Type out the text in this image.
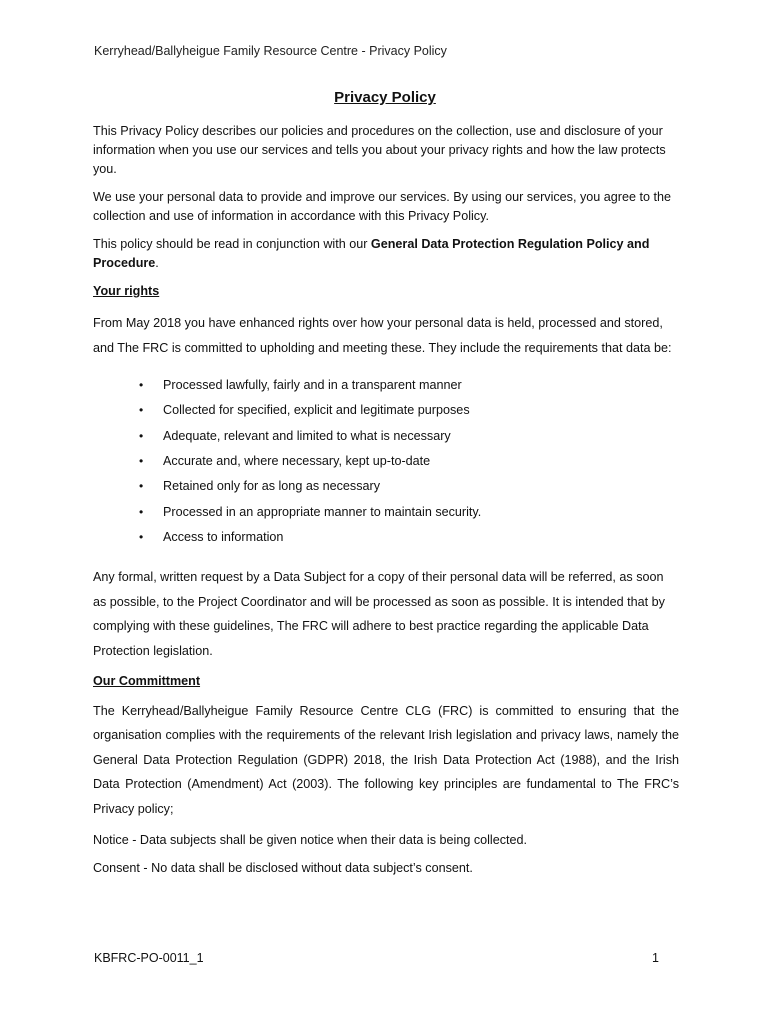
Kerryhead/Ballyheigue Family Resource Centre - Privacy Policy
Privacy Policy

This Privacy Policy describes our policies and procedures on the collection, use and disclosure of your information when you use our services and tells you about your privacy rights and how the law protects you.

We use your personal data to provide and improve our services. By using our services, you agree to the collection and use of information in accordance with this Privacy Policy.

This policy should be read in conjunction with our General Data Protection Regulation Policy and Procedure.

Your rights

From May 2018 you have enhanced rights over how your personal data is held, processed and stored, and The FRC is committed to upholding and meeting these. They include the requirements that data be:

• Processed lawfully, fairly and in a transparent manner
• Collected for specified, explicit and legitimate purposes
• Adequate, relevant and limited to what is necessary
• Accurate and, where necessary, kept up-to-date
• Retained only for as long as necessary
• Processed in an appropriate manner to maintain security.
• Access to information

Any formal, written request by a Data Subject for a copy of their personal data will be referred, as soon as possible, to the Project Coordinator and will be processed as soon as possible. It is intended that by complying with these guidelines, The FRC will adhere to best practice regarding the applicable Data Protection legislation.

Our Committment

The Kerryhead/Ballyheigue Family Resource Centre CLG (FRC) is committed to ensuring that the organisation complies with the requirements of the relevant Irish legislation and privacy laws, namely the General Data Protection Regulation (GDPR) 2018, the Irish Data Protection Act (1988), and the Irish Data Protection (Amendment) Act (2003). The following key principles are fundamental to The FRC’s Privacy policy;

Notice - Data subjects shall be given notice when their data is being collected.

Consent - No data shall be disclosed without data subject’s consent.

KBFRC-PO-0011_1	1
